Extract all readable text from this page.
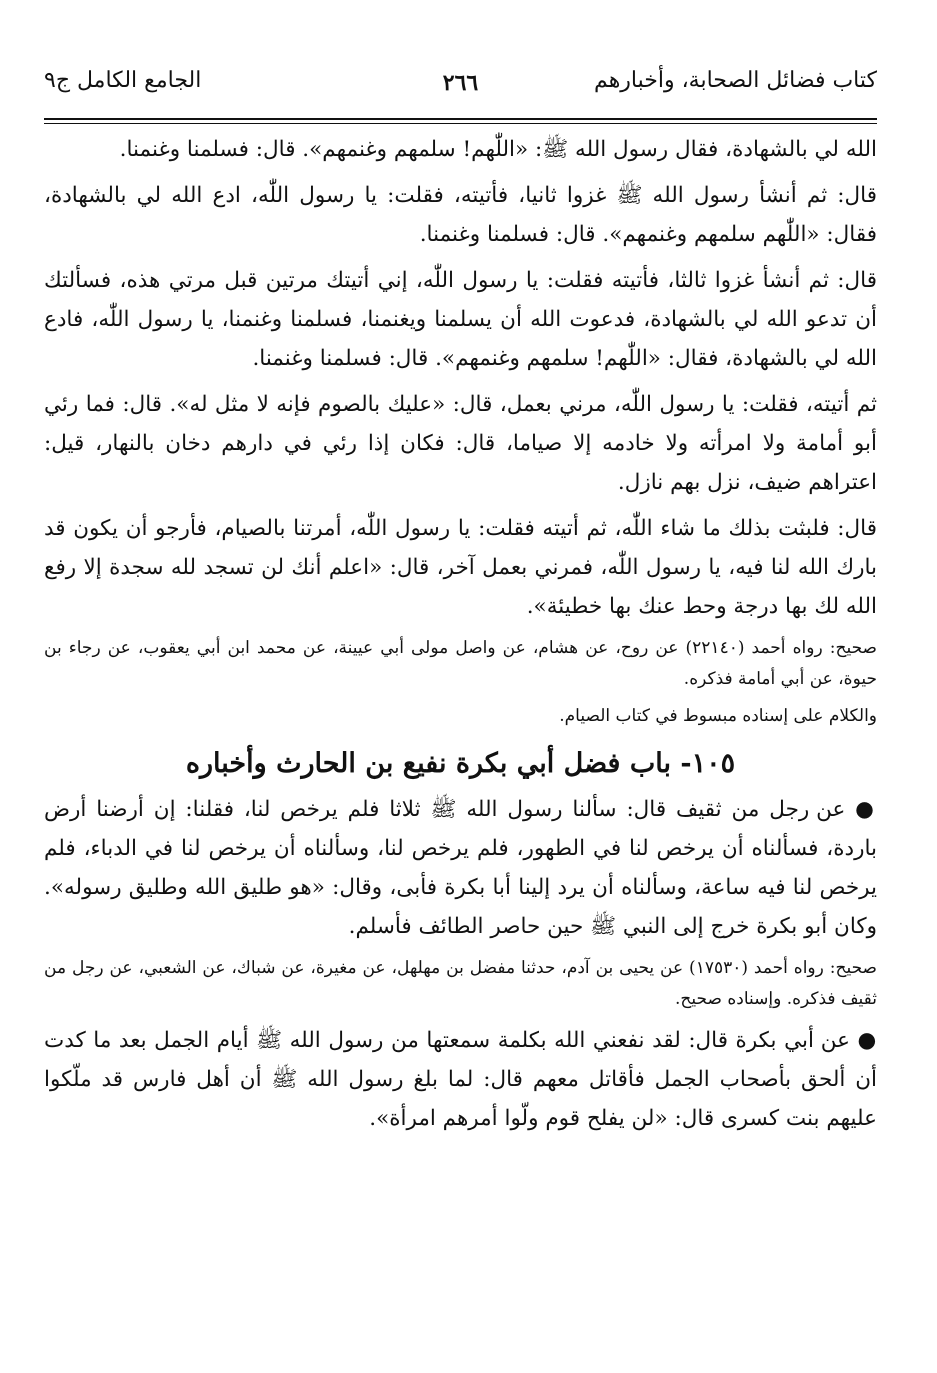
كتاب فضائل الصحابة، وأخبارهم
٢٦٦
الجامع الكامل ج٩

الله لي بالشهادة، فقال رسول الله ﷺ: «اللّٰهم! سلمهم وغنمهم». قال: فسلمنا وغنمنا.

قال: ثم أنشأ رسول الله ﷺ غزوا ثانيا، فأتيته، فقلت: يا رسول اللّٰه، ادع الله لي بالشهادة، فقال: «اللّٰهم سلمهم وغنمهم». قال: فسلمنا وغنمنا.

قال: ثم أنشأ غزوا ثالثا، فأتيته فقلت: يا رسول اللّٰه، إني أتيتك مرتين قبل مرتي هذه، فسألتك أن تدعو الله لي بالشهادة، فدعوت الله أن يسلمنا ويغنمنا، فسلمنا وغنمنا، يا رسول اللّٰه، فادع الله لي بالشهادة، فقال: «اللّٰهم! سلمهم وغنمهم». قال: فسلمنا وغنمنا.

ثم أتيته، فقلت: يا رسول اللّٰه، مرني بعمل، قال: «عليك بالصوم فإنه لا مثل له». قال: فما رئي أبو أمامة ولا امرأته ولا خادمه إلا صياما، قال: فكان إذا رئي في دارهم دخان بالنهار، قيل: اعتراهم ضيف، نزل بهم نازل.

قال: فلبثت بذلك ما شاء اللّٰه، ثم أتيته فقلت: يا رسول اللّٰه، أمرتنا بالصيام، فأرجو أن يكون قد بارك الله لنا فيه، يا رسول اللّٰه، فمرني بعمل آخر، قال: «اعلم أنك لن تسجد لله سجدة إلا رفع الله لك بها درجة وحط عنك بها خطيئة».

صحيح: رواه أحمد (٢٢١٤٠) عن روح، عن هشام، عن واصل مولى أبي عيينة، عن محمد ابن أبي يعقوب، عن رجاء بن حيوة، عن أبي أمامة فذكره.

والكلام على إسناده مبسوط في كتاب الصيام.

١٠٥- باب فضل أبي بكرة نفيع بن الحارث وأخباره

● عن رجل من ثقيف قال: سألنا رسول الله ﷺ ثلاثا فلم يرخص لنا، فقلنا: إن أرضنا أرض باردة، فسألناه أن يرخص لنا في الطهور، فلم يرخص لنا، وسألناه أن يرخص لنا في الدباء، فلم يرخص لنا فيه ساعة، وسألناه أن يرد إلينا أبا بكرة فأبى، وقال: «هو طليق الله وطليق رسوله». وكان أبو بكرة خرج إلى النبي ﷺ حين حاصر الطائف فأسلم.

صحيح: رواه أحمد (١٧٥٣٠) عن يحيى بن آدم، حدثنا مفضل بن مهلهل، عن مغيرة، عن شباك، عن الشعبي، عن رجل من ثقيف فذكره. وإسناده صحيح.

● عن أبي بكرة قال: لقد نفعني الله بكلمة سمعتها من رسول الله ﷺ أيام الجمل بعد ما كدت أن ألحق بأصحاب الجمل فأقاتل معهم قال: لما بلغ رسول الله ﷺ أن أهل فارس قد ملّكوا عليهم بنت كسرى قال: «لن يفلح قوم ولّوا أمرهم امرأة».
